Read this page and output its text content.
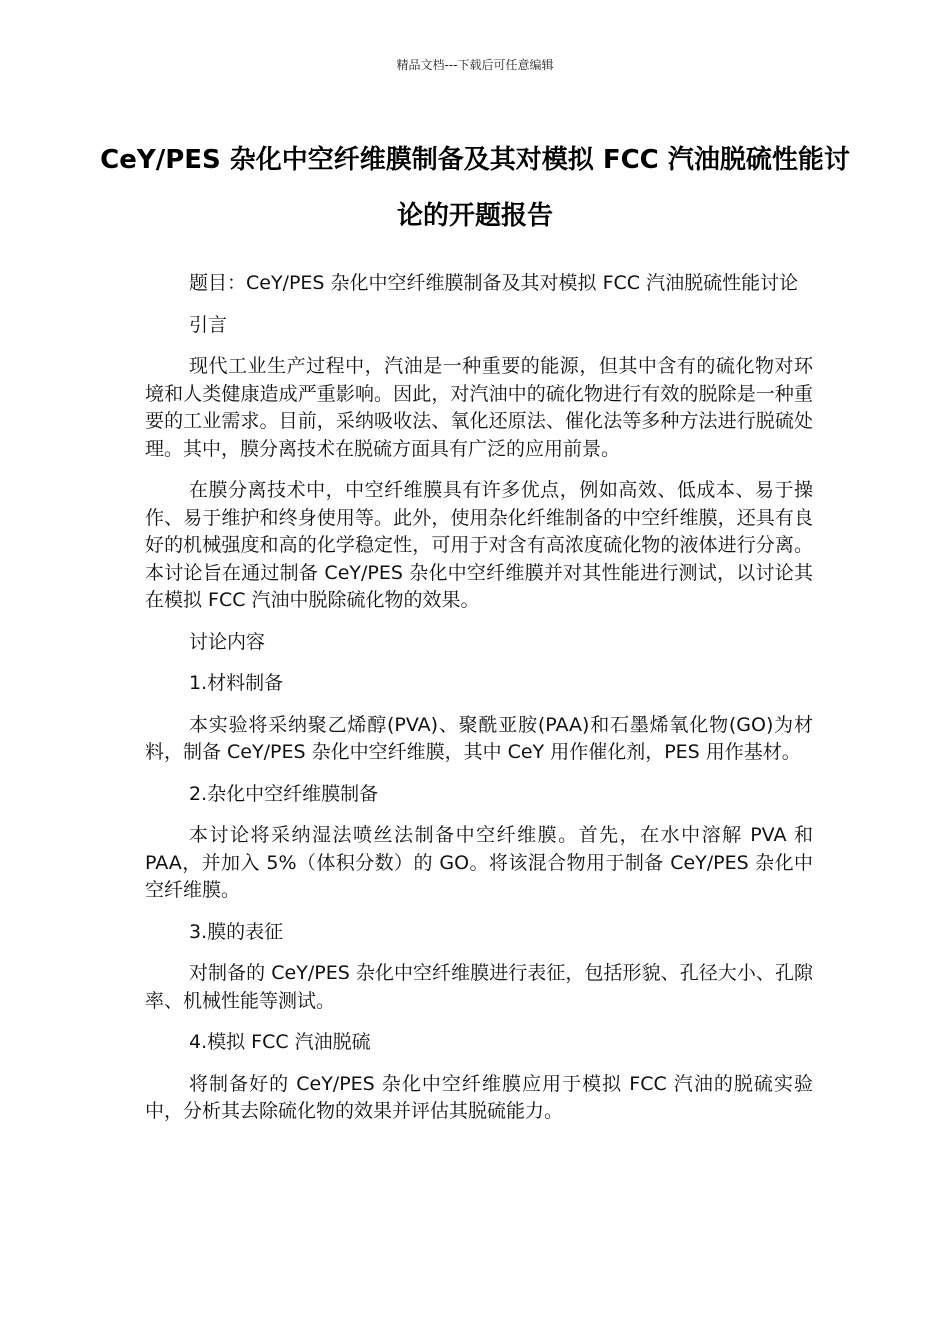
精品文档---下载后可任意编辑
CeY/PES 杂化中空纤维膜制备及其对模拟 FCC 汽油脱硫性能讨论的开题报告

题目：CeY/PES 杂化中空纤维膜制备及其对模拟 FCC 汽油脱硫性能讨论

引言

现代工业生产过程中，汽油是一种重要的能源，但其中含有的硫化物对环境和人类健康造成严重影响。因此，对汽油中的硫化物进行有效的脱除是一种重要的工业需求。目前，采纳吸收法、氧化还原法、催化法等多种方法进行脱硫处理。其中，膜分离技术在脱硫方面具有广泛的应用前景。

在膜分离技术中，中空纤维膜具有许多优点，例如高效、低成本、易于操作、易于维护和终身使用等。此外，使用杂化纤维制备的中空纤维膜，还具有良好的机械强度和高的化学稳定性，可用于对含有高浓度硫化物的液体进行分离。本讨论旨在通过制备 CeY/PES 杂化中空纤维膜并对其性能进行测试，以讨论其在模拟 FCC 汽油中脱除硫化物的效果。

讨论内容

1.材料制备

本实验将采纳聚乙烯醇(PVA)、聚酰亚胺(PAA)和石墨烯氧化物(GO)为材料，制备 CeY/PES 杂化中空纤维膜，其中 CeY 用作催化剂，PES 用作基材。

2.杂化中空纤维膜制备

本讨论将采纳湿法喷丝法制备中空纤维膜。首先，在水中溶解 PVA 和 PAA，并加入 5%（体积分数）的 GO。将该混合物用于制备 CeY/PES 杂化中空纤维膜。

3.膜的表征

对制备的 CeY/PES 杂化中空纤维膜进行表征，包括形貌、孔径大小、孔隙率、机械性能等测试。

4.模拟 FCC 汽油脱硫

将制备好的 CeY/PES 杂化中空纤维膜应用于模拟 FCC 汽油的脱硫实验中，分析其去除硫化物的效果并评估其脱硫能力。
